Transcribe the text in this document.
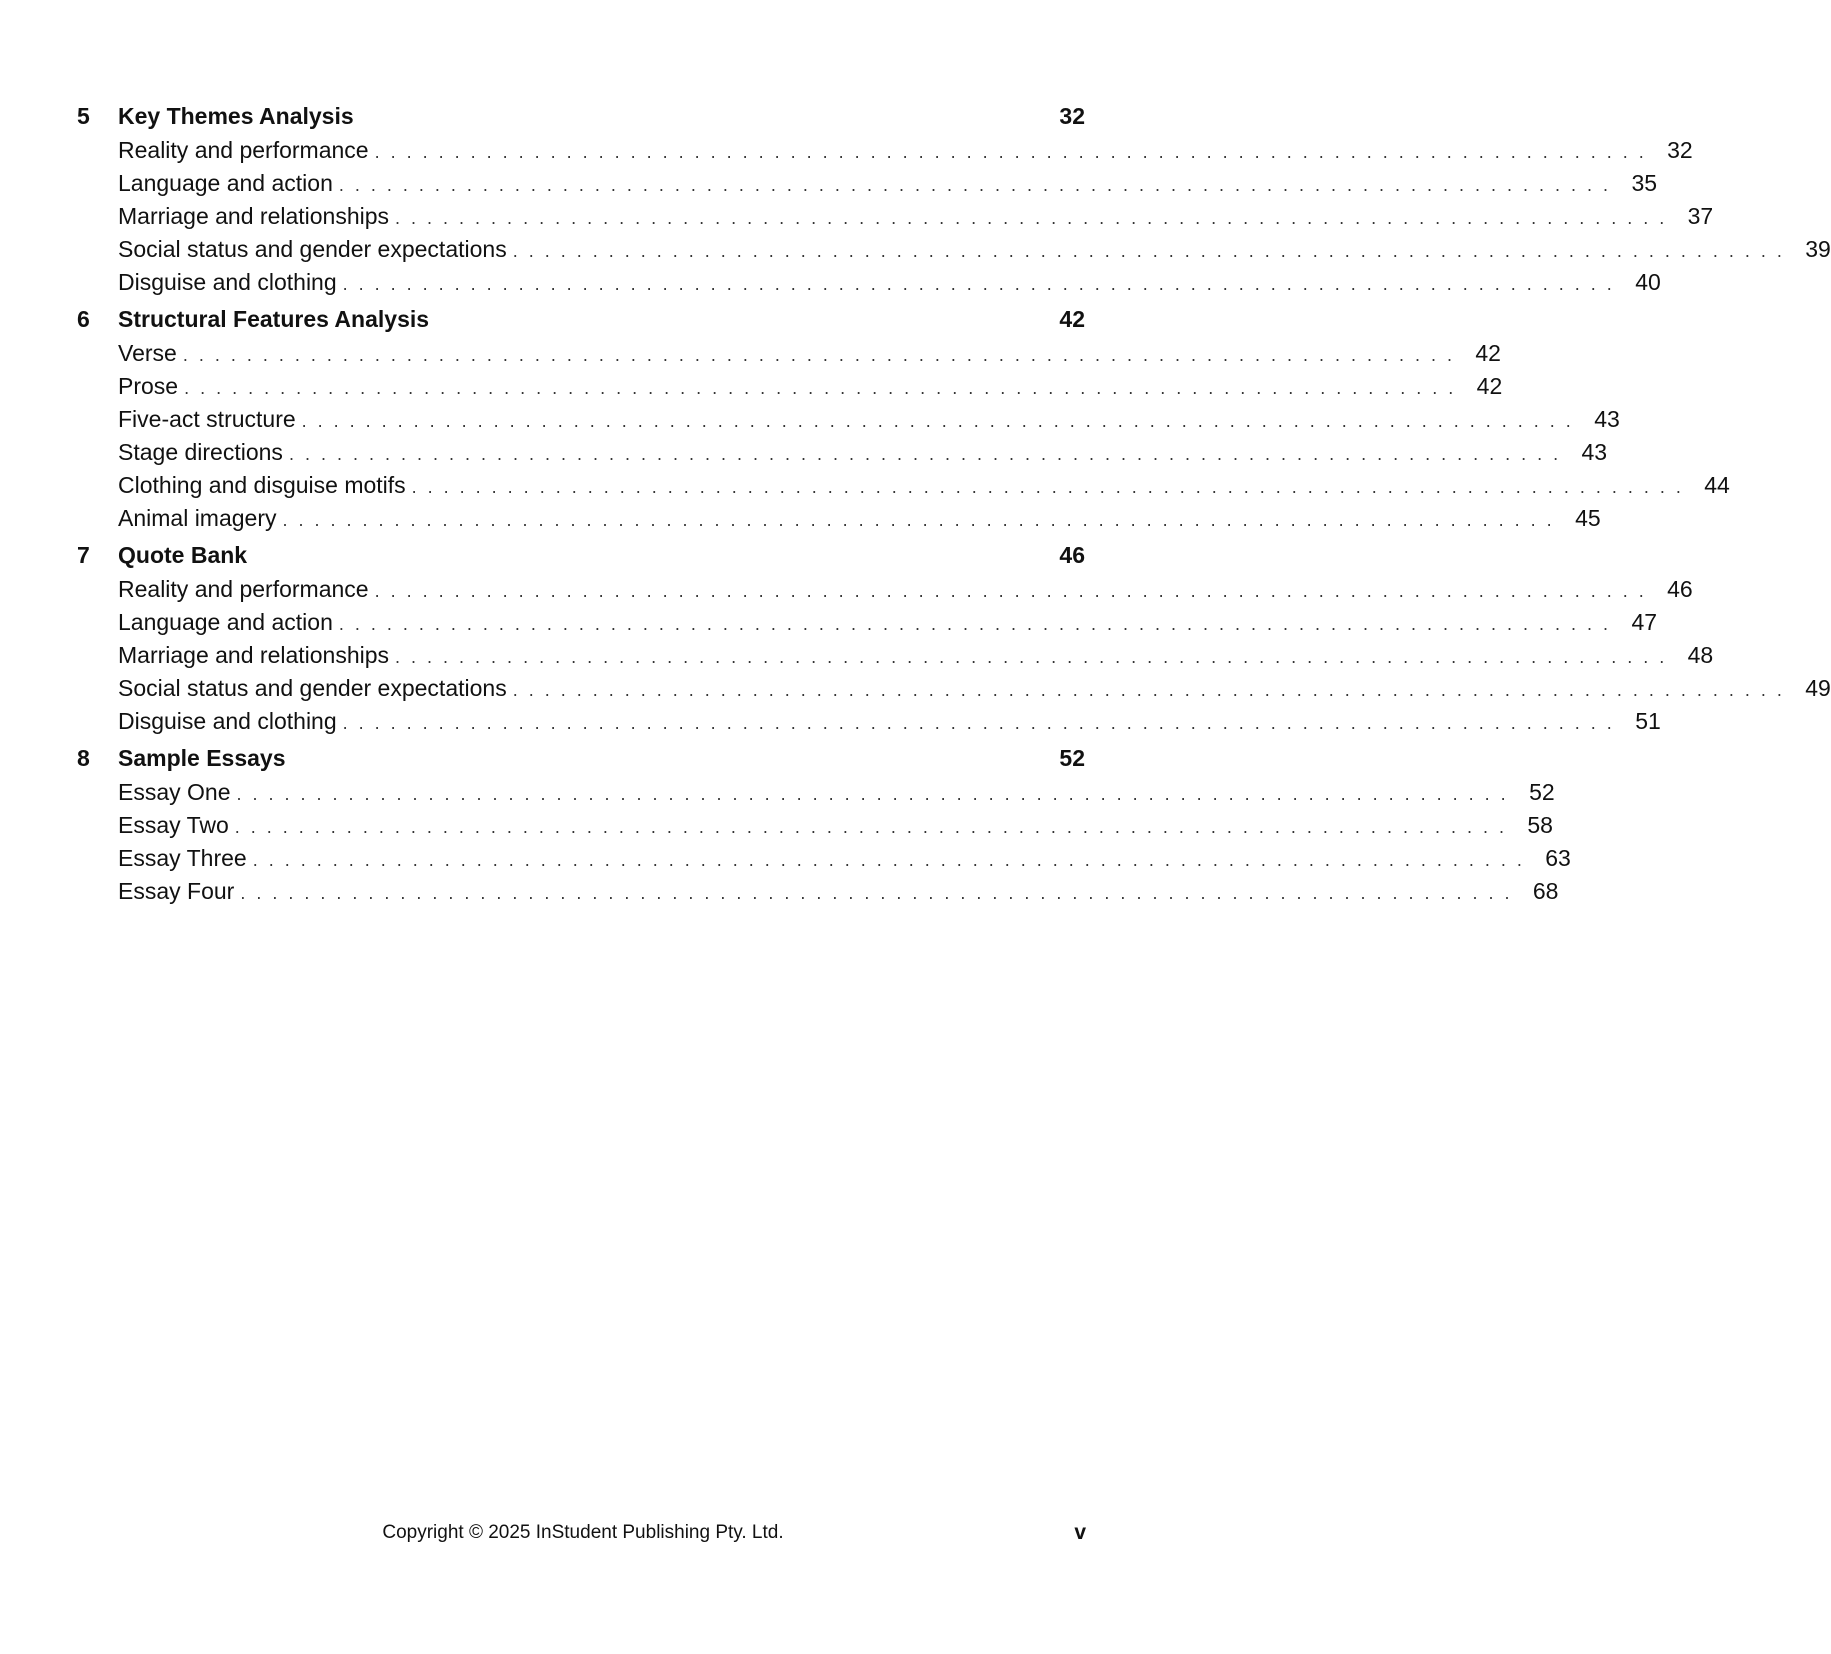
5	Key Themes Analysis	32
Reality and performance . . . . . . . . . . . . . . . . . . . . . . . . . . . . . . . . . . . . . . . . . . . . . . . . . . . . . . . . . . . . . . . . . . . . . . . . . . . . . . . . 32
Language and action . . . . . . . . . . . . . . . . . . . . . . . . . . . . . . . . . . . . . . . . . . . . . . . . . . . . . . . . . . . . . . . . . . . . . . . . . . . . . . . . 35
Marriage and relationships . . . . . . . . . . . . . . . . . . . . . . . . . . . . . . . . . . . . . . . . . . . . . . . . . . . . . . . . . . . . . . . . . . . . . . . . . . . . . . . . 37
Social status and gender expectations . . . . . . . . . . . . . . . . . . . . . . . . . . . . . . . . . . . . . . . . . . . . . . . . . . . . . . . . . . . . . . . . . . . . . . . . . . . . . . . . 39
Disguise and clothing . . . . . . . . . . . . . . . . . . . . . . . . . . . . . . . . . . . . . . . . . . . . . . . . . . . . . . . . . . . . . . . . . . . . . . . . . . . . . . . . 40
6	Structural Features Analysis	42
Verse . . . . . . . . . . . . . . . . . . . . . . . . . . . . . . . . . . . . . . . . . . . . . . . . . . . . . . . . . . . . . . . . . . . . . . . . . . . . . . . . 42
Prose . . . . . . . . . . . . . . . . . . . . . . . . . . . . . . . . . . . . . . . . . . . . . . . . . . . . . . . . . . . . . . . . . . . . . . . . . . . . . . . . 42
Five-act structure . . . . . . . . . . . . . . . . . . . . . . . . . . . . . . . . . . . . . . . . . . . . . . . . . . . . . . . . . . . . . . . . . . . . . . . . . . . . . . . . 43
Stage directions . . . . . . . . . . . . . . . . . . . . . . . . . . . . . . . . . . . . . . . . . . . . . . . . . . . . . . . . . . . . . . . . . . . . . . . . . . . . . . . . 43
Clothing and disguise motifs . . . . . . . . . . . . . . . . . . . . . . . . . . . . . . . . . . . . . . . . . . . . . . . . . . . . . . . . . . . . . . . . . . . . . . . . . . . . . . . . 44
Animal imagery . . . . . . . . . . . . . . . . . . . . . . . . . . . . . . . . . . . . . . . . . . . . . . . . . . . . . . . . . . . . . . . . . . . . . . . . . . . . . . . . 45
7	Quote Bank	46
Reality and performance . . . . . . . . . . . . . . . . . . . . . . . . . . . . . . . . . . . . . . . . . . . . . . . . . . . . . . . . . . . . . . . . . . . . . . . . . . . . . . . . 46
Language and action . . . . . . . . . . . . . . . . . . . . . . . . . . . . . . . . . . . . . . . . . . . . . . . . . . . . . . . . . . . . . . . . . . . . . . . . . . . . . . . . 47
Marriage and relationships . . . . . . . . . . . . . . . . . . . . . . . . . . . . . . . . . . . . . . . . . . . . . . . . . . . . . . . . . . . . . . . . . . . . . . . . . . . . . . . . 48
Social status and gender expectations . . . . . . . . . . . . . . . . . . . . . . . . . . . . . . . . . . . . . . . . . . . . . . . . . . . . . . . . . . . . . . . . . . . . . . . . . . . . . . . . 49
Disguise and clothing . . . . . . . . . . . . . . . . . . . . . . . . . . . . . . . . . . . . . . . . . . . . . . . . . . . . . . . . . . . . . . . . . . . . . . . . . . . . . . . . 51
8	Sample Essays	52
Essay One . . . . . . . . . . . . . . . . . . . . . . . . . . . . . . . . . . . . . . . . . . . . . . . . . . . . . . . . . . . . . . . . . . . . . . . . . . . . . . . . 52
Essay Two . . . . . . . . . . . . . . . . . . . . . . . . . . . . . . . . . . . . . . . . . . . . . . . . . . . . . . . . . . . . . . . . . . . . . . . . . . . . . . . . 58
Essay Three . . . . . . . . . . . . . . . . . . . . . . . . . . . . . . . . . . . . . . . . . . . . . . . . . . . . . . . . . . . . . . . . . . . . . . . . . . . . . . . . 63
Essay Four . . . . . . . . . . . . . . . . . . . . . . . . . . . . . . . . . . . . . . . . . . . . . . . . . . . . . . . . . . . . . . . . . . . . . . . . . . . . . . . . 68
Copyright © 2025 InStudent Publishing Pty. Ltd.	v
